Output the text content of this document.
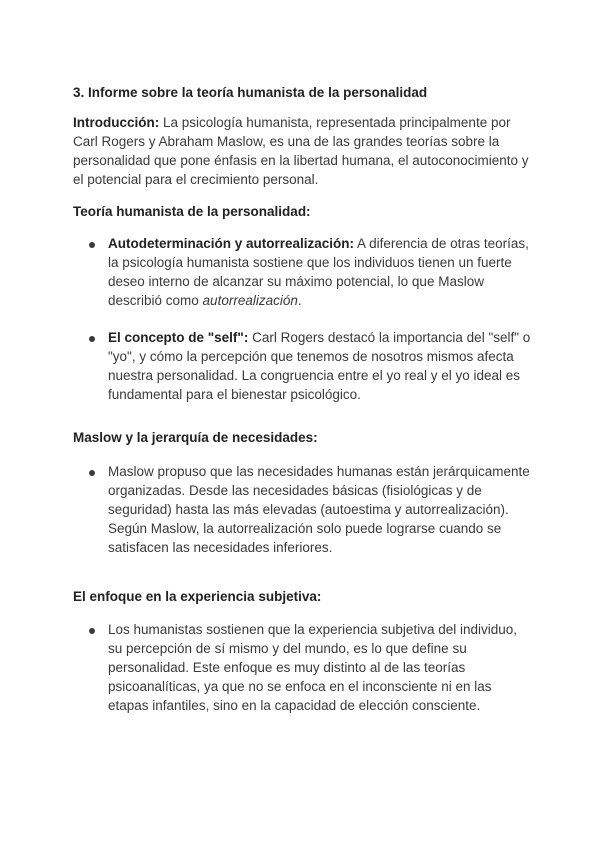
3. Informe sobre la teoría humanista de la personalidad

Introducción: La psicología humanista, representada principalmente por Carl Rogers y Abraham Maslow, es una de las grandes teorías sobre la personalidad que pone énfasis en la libertad humana, el autoconocimiento y el potencial para el crecimiento personal.

Teoría humanista de la personalidad:

Autodeterminación y autorrealización: A diferencia de otras teorías, la psicología humanista sostiene que los individuos tienen un fuerte deseo interno de alcanzar su máximo potencial, lo que Maslow describió como autorrealización.
El concepto de "self": Carl Rogers destacó la importancia del "self" o "yo", y cómo la percepción que tenemos de nosotros mismos afecta nuestra personalidad. La congruencia entre el yo real y el yo ideal es fundamental para el bienestar psicológico.

Maslow y la jerarquía de necesidades:

Maslow propuso que las necesidades humanas están jerárquicamente organizadas. Desde las necesidades básicas (fisiológicas y de seguridad) hasta las más elevadas (autoestima y autorrealización). Según Maslow, la autorrealización solo puede lograrse cuando se satisfacen las necesidades inferiores.

El enfoque en la experiencia subjetiva:

Los humanistas sostienen que la experiencia subjetiva del individuo, su percepción de sí mismo y del mundo, es lo que define su personalidad. Este enfoque es muy distinto al de las teorías psicoanalíticas, ya que no se enfoca en el inconsciente ni en las etapas infantiles, sino en la capacidad de elección consciente.
